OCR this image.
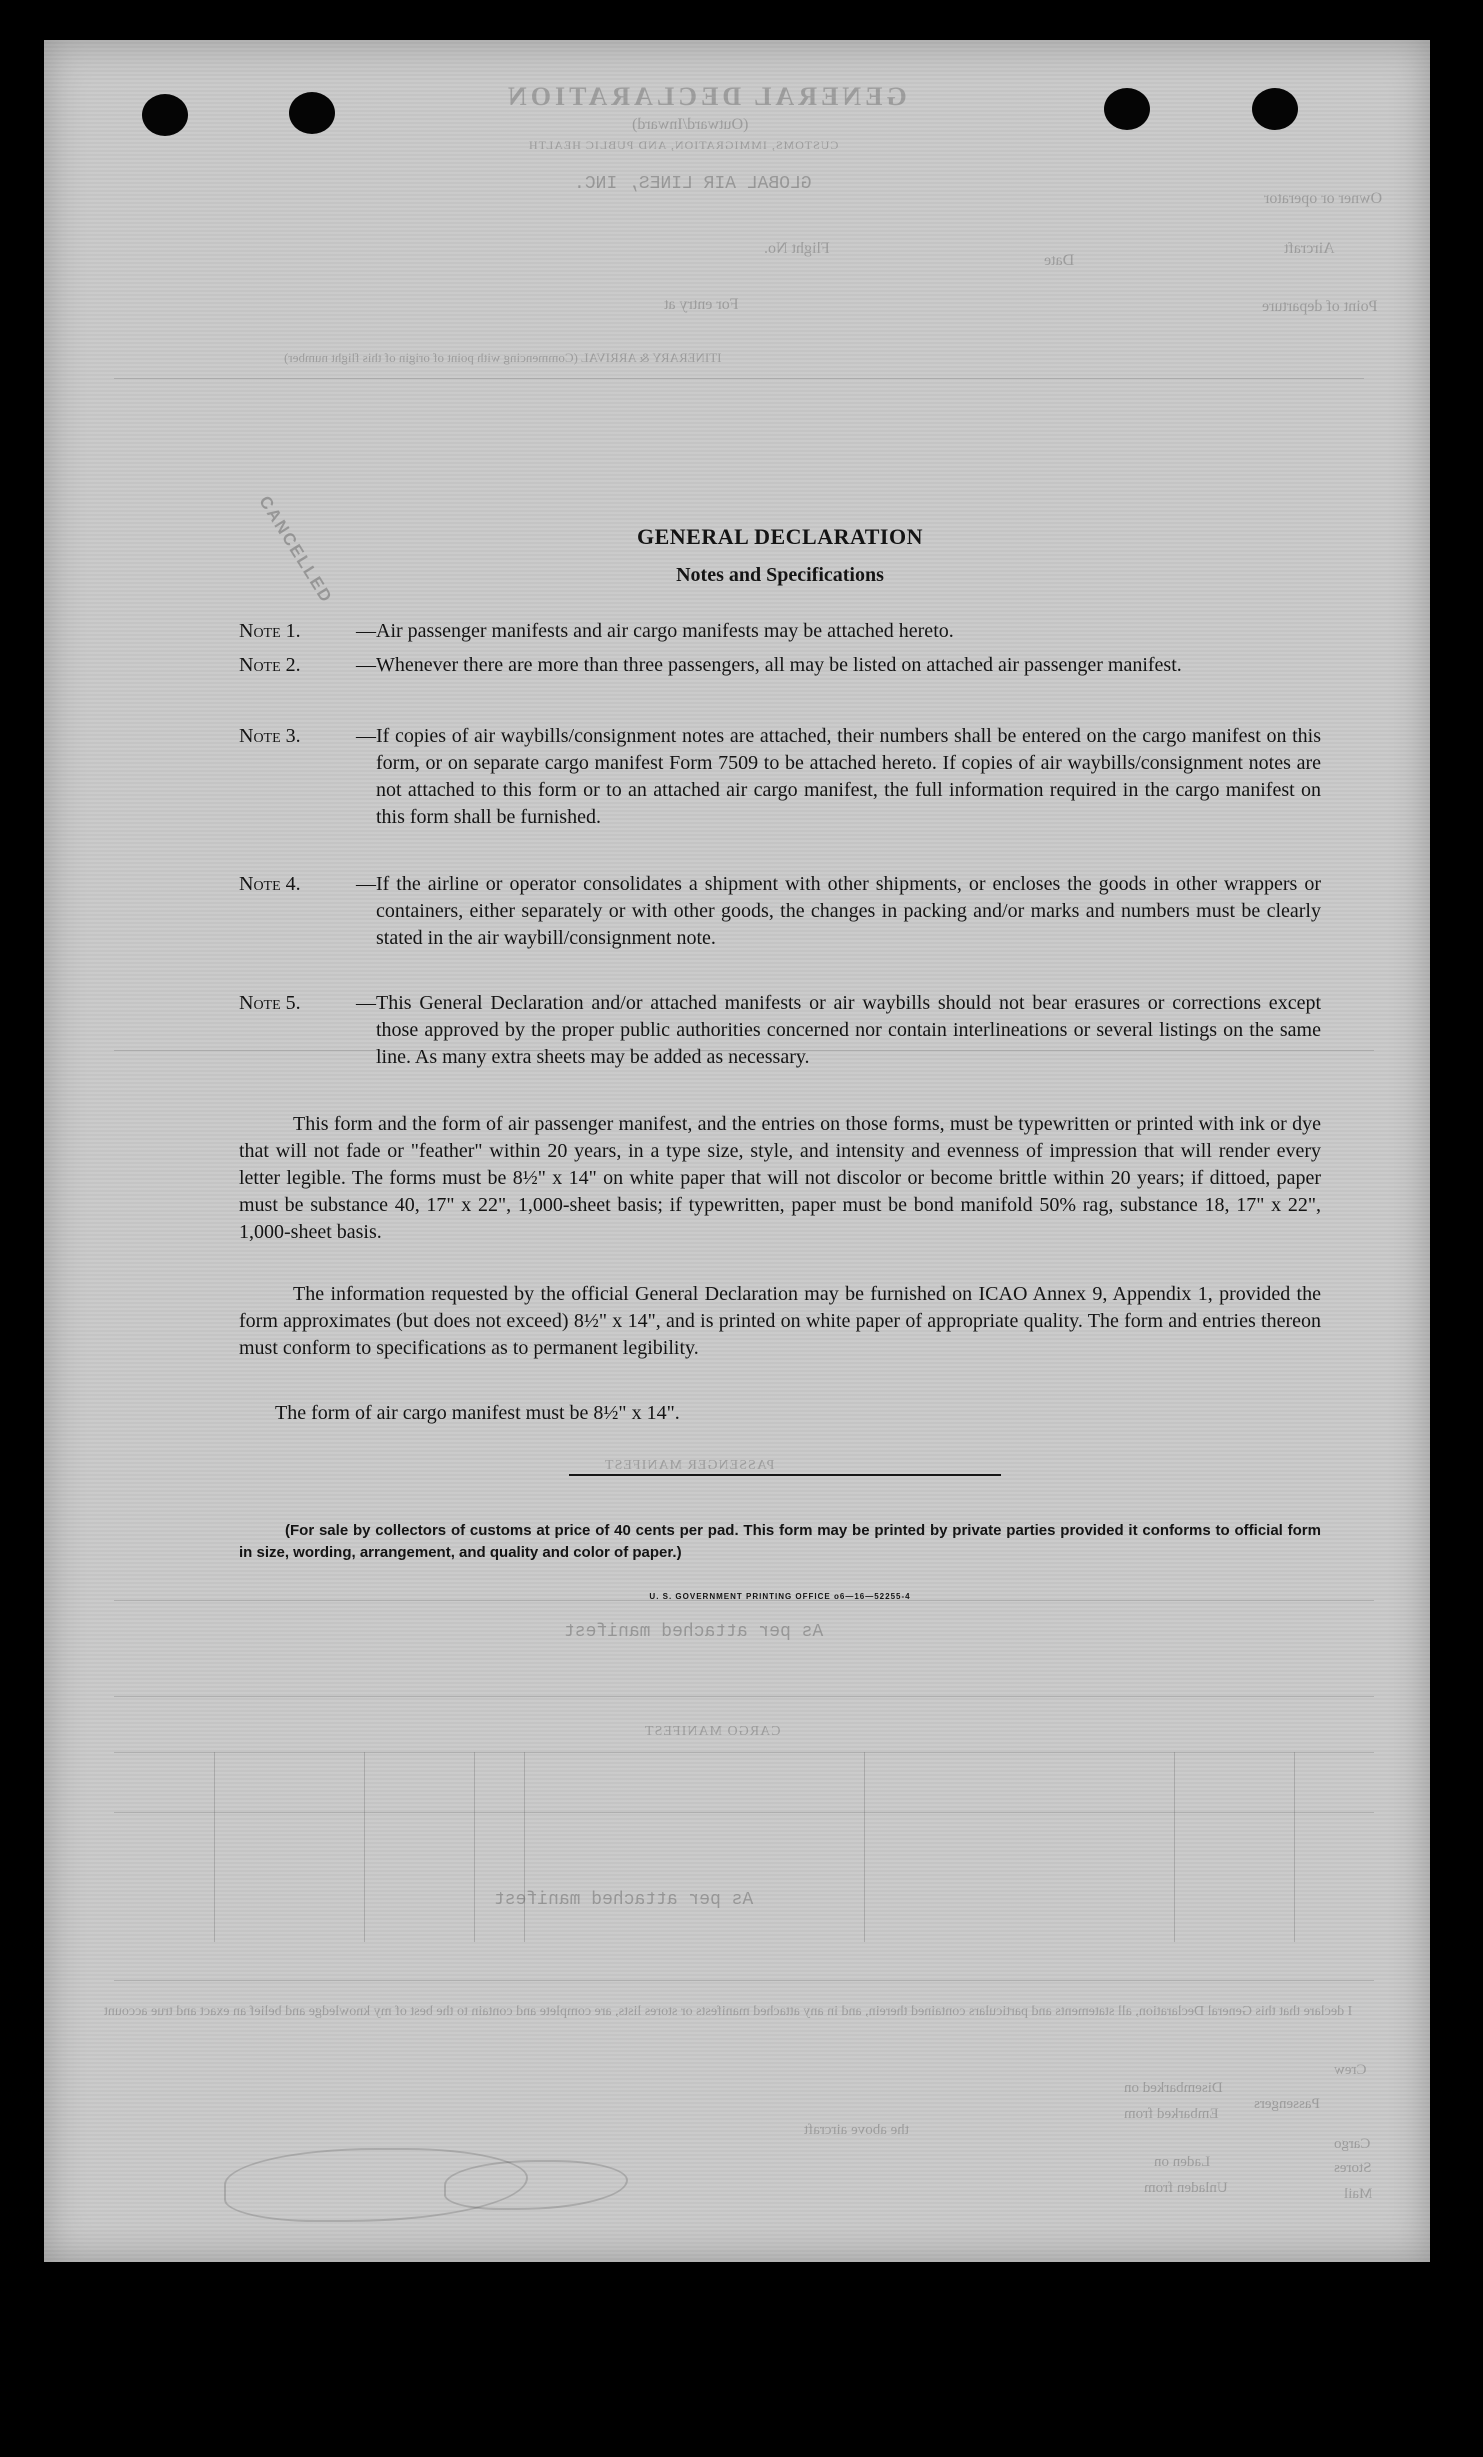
GENERAL DECLARATION
(Outward/Inward)
CUSTOMS, IMMIGRATION, AND PUBLIC HEALTH
GLOBAL AIR LINES, INC.
Owner or operator
Aircraft
Flight No.
Date
Point of departure
For entry at
ITINERARY & ARRIVAL (Commencing with point of origin of this flight number)
CANCELLED
PASSENGER MANIFEST
As per attached manifest
CARGO MANIFEST
As per attached manifest
I declare that this General Declaration, all statements and particulars contained therein, and in any attached manifests or stores lists, are complete and contain to the best of my knowledge and belief an exact and true account
Crew
Passengers
Disembarked on
Embarked from
the above aircraft
Cargo
Laden on	Stores
Unladen from	Mail
GENERAL DECLARATION
Notes and Specifications
Note 1.	—Air passenger manifests and air cargo manifests may be attached hereto.
Note 2.	—Whenever there are more than three passengers, all may be listed on attached air passenger manifest.
Note 3.	—If copies of air waybills/consignment notes are attached, their numbers shall be entered on the cargo manifest on this form, or on separate cargo manifest Form 7509 to be attached hereto. If copies of air waybills/consignment notes are not attached to this form or to an attached air cargo manifest, the full information required in the cargo manifest on this form shall be furnished.
Note 4.	—If the airline or operator consolidates a shipment with other shipments, or encloses the goods in other wrappers or containers, either separately or with other goods, the changes in packing and/or marks and numbers must be clearly stated in the air waybill/consignment note.
Note 5.	—This General Declaration and/or attached manifests or air waybills should not bear erasures or corrections except those approved by the proper public authorities concerned nor contain interlineations or several listings on the same line. As many extra sheets may be added as necessary.
This form and the form of air passenger manifest, and the entries on those forms, must be typewritten or printed with ink or dye that will not fade or "feather" within 20 years, in a type size, style, and intensity and evenness of impression that will render every letter legible. The forms must be 8½" x 14" on white paper that will not discolor or become brittle within 20 years; if dittoed, paper must be substance 40, 17" x 22", 1,000-sheet basis; if typewritten, paper must be bond manifold 50% rag, substance 18, 17" x 22", 1,000-sheet basis.
The information requested by the official General Declaration may be furnished on ICAO Annex 9, Appendix 1, provided the form approximates (but does not exceed) 8½" x 14", and is printed on white paper of appropriate quality. The form and entries thereon must conform to specifications as to permanent legibility.
The form of air cargo manifest must be 8½" x 14".
(For sale by collectors of customs at price of 40 cents per pad. This form may be printed by private parties provided it conforms to official form in size, wording, arrangement, and quality and color of paper.)
U. S. GOVERNMENT PRINTING OFFICE o6—16—52255-4
